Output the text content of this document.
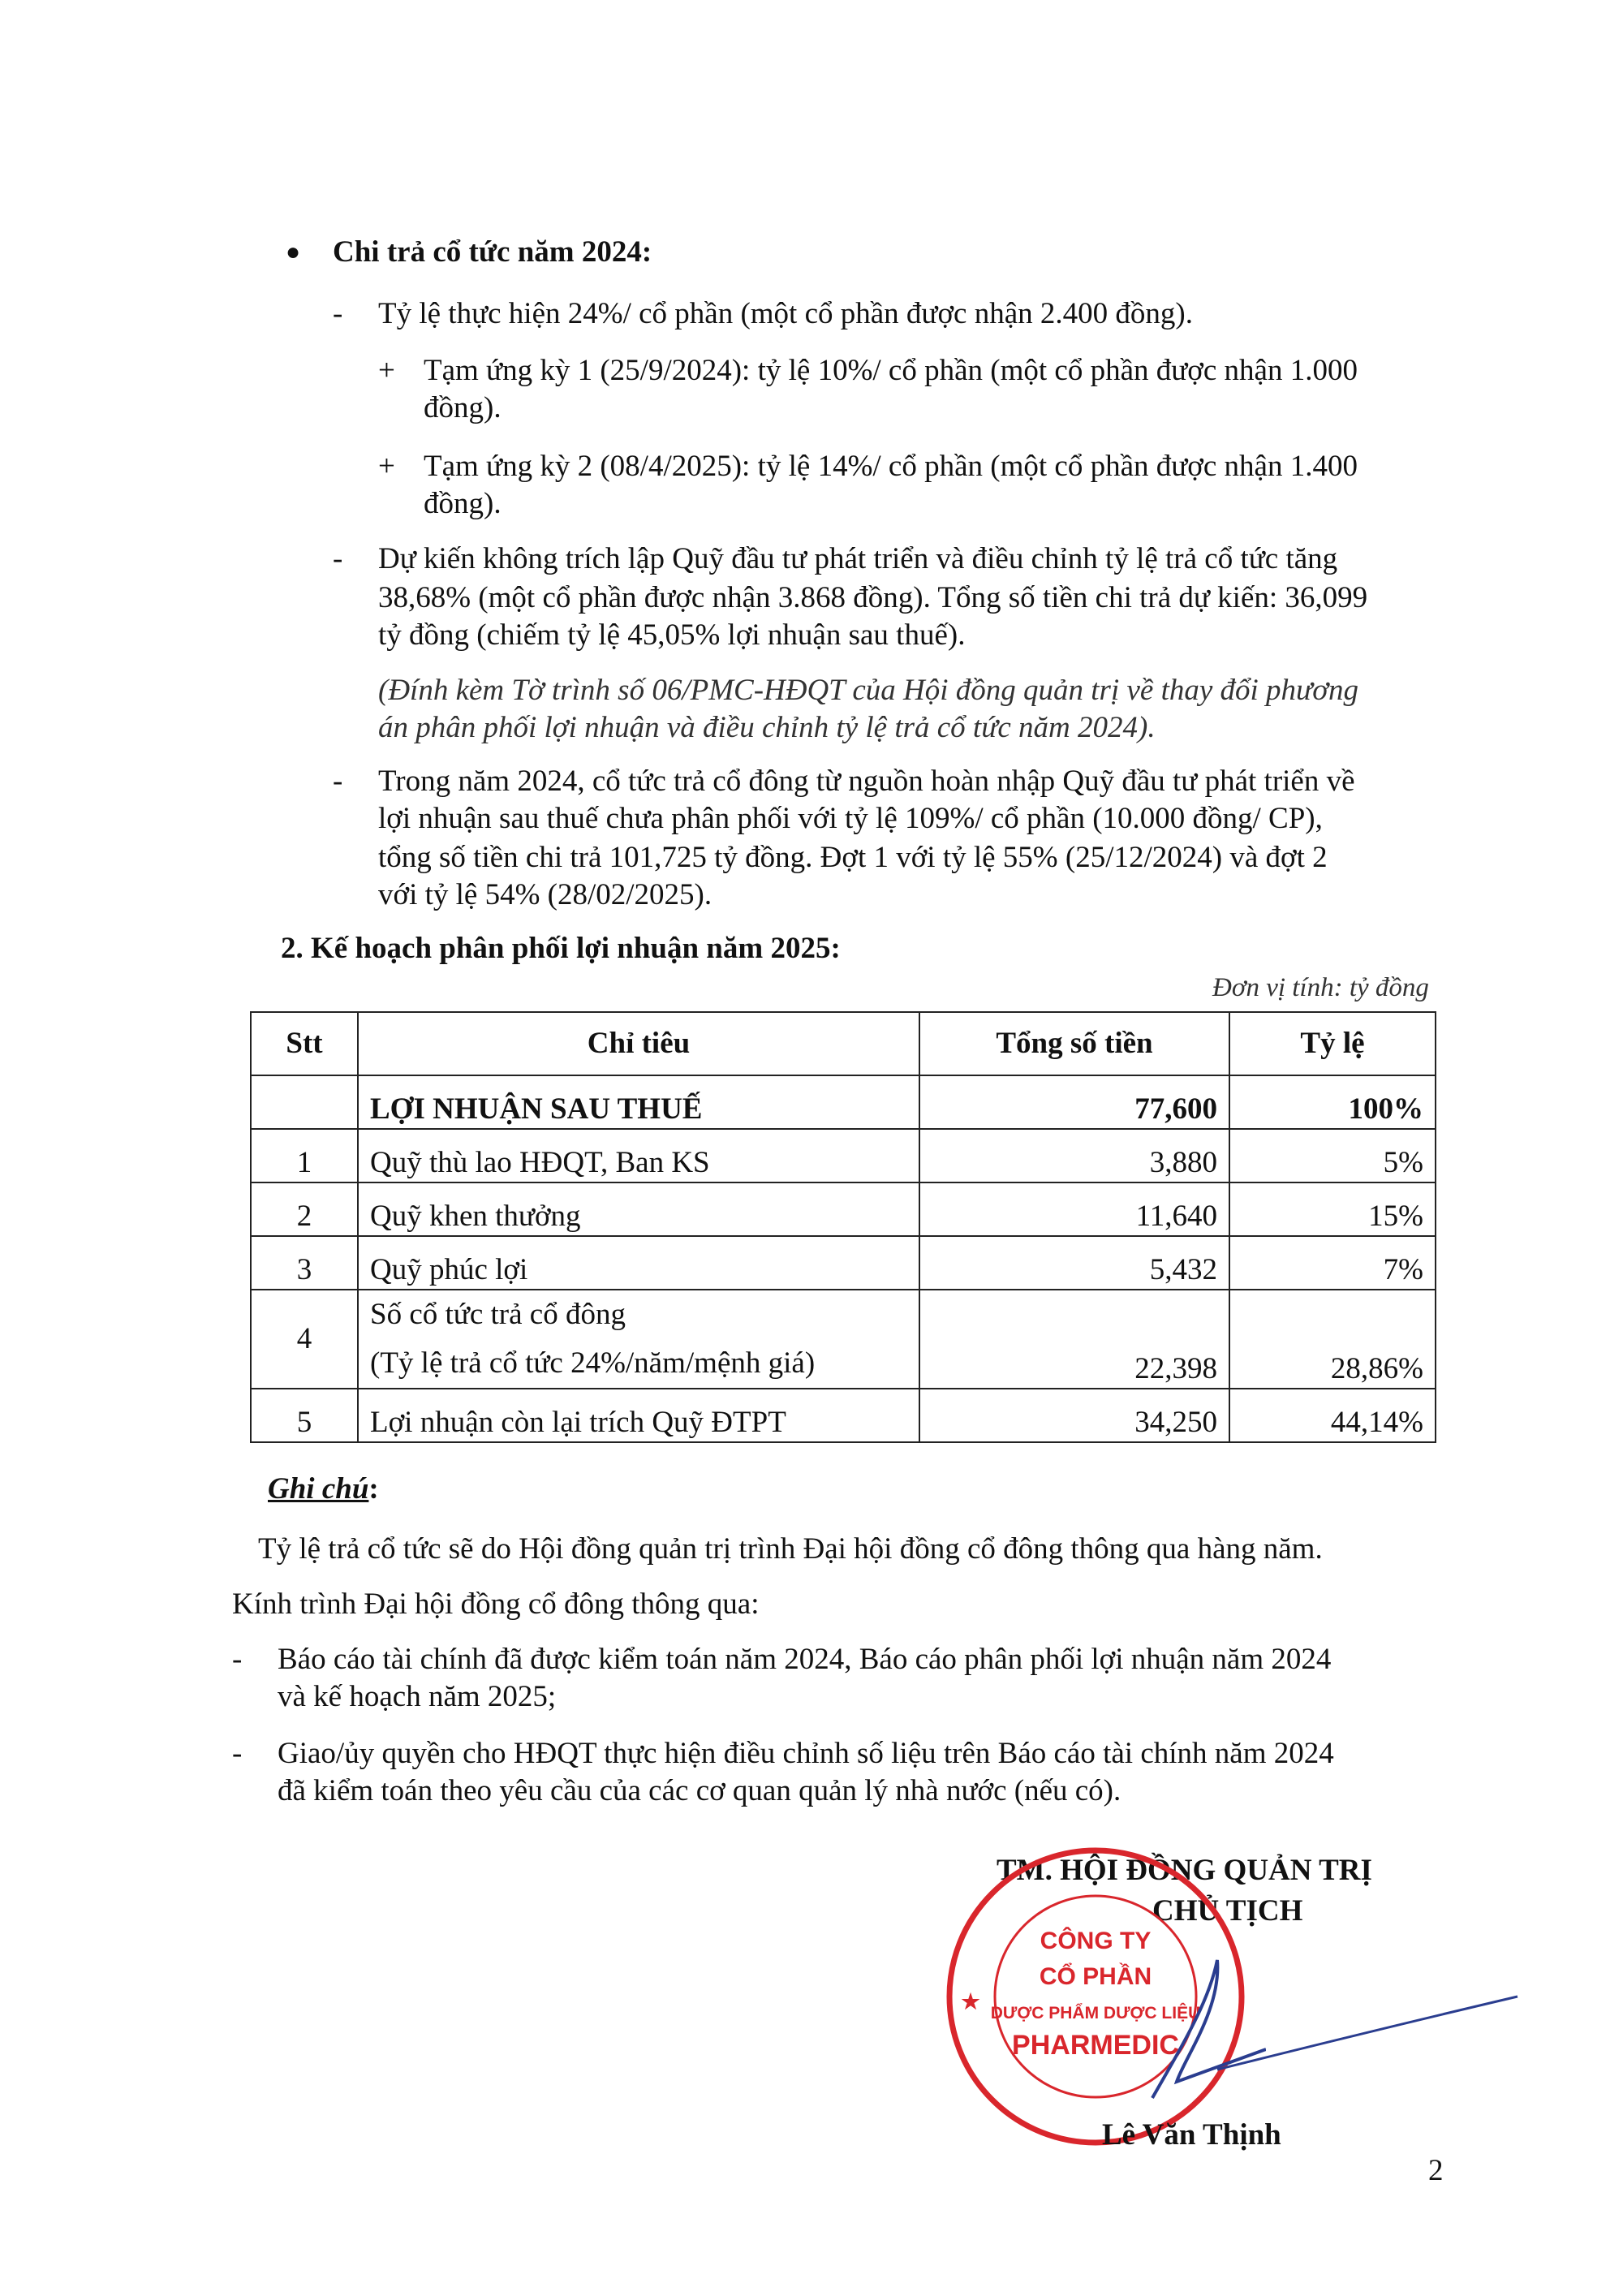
● Chi trả cổ tức năm 2024:
- Tỷ lệ thực hiện 24%/ cổ phần (một cổ phần được nhận 2.400 đồng).
+ Tạm ứng kỳ 1 (25/9/2024): tỷ lệ 10%/ cổ phần (một cổ phần được nhận 1.000
đồng).
+ Tạm ứng kỳ 2 (08/4/2025): tỷ lệ 14%/ cổ phần (một cổ phần được nhận 1.400
đồng).
- Dự kiến không trích lập Quỹ đầu tư phát triển và điều chỉnh tỷ lệ trả cổ tức tăng
38,68% (một cổ phần được nhận 3.868 đồng). Tổng số tiền chi trả dự kiến: 36,099
tỷ đồng (chiếm tỷ lệ 45,05% lợi nhuận sau thuế).
(Đính kèm Tờ trình số 06/PMC-HĐQT của Hội đồng quản trị về thay đổi phương
án phân phối lợi nhuận và điều chỉnh tỷ lệ trả cổ tức năm 2024).
- Trong năm 2024, cổ tức trả cổ đông từ nguồn hoàn nhập Quỹ đầu tư phát triển về
lợi nhuận sau thuế chưa phân phối với tỷ lệ 109%/ cổ phần (10.000 đồng/ CP),
tổng số tiền chi trả 101,725 tỷ đồng. Đợt 1 với tỷ lệ 55% (25/12/2024) và đợt 2
với tỷ lệ 54% (28/02/2025).
2. Kế hoạch phân phối lợi nhuận năm 2025:
Đơn vị tính: tỷ đồng
Stt	Chỉ tiêu	Tổng số tiền	Tỷ lệ
	LỢI NHUẬN SAU THUẾ	77,600	100%
1	Quỹ thù lao HĐQT, Ban KS	3,880	5%
2	Quỹ khen thưởng	11,640	15%
3	Quỹ phúc lợi	5,432	7%
4	Số cổ tức trả cổ đông
(Tỷ lệ trả cổ tức 24%/năm/mệnh giá)	22,398	28,86%
5	Lợi nhuận còn lại trích Quỹ ĐTPT	34,250	44,14%
Ghi chú:
Tỷ lệ trả cổ tức sẽ do Hội đồng quản trị trình Đại hội đồng cổ đông thông qua hàng năm.
Kính trình Đại hội đồng cổ đông thông qua:
- Báo cáo tài chính đã được kiểm toán năm 2024, Báo cáo phân phối lợi nhuận năm 2024
và kế hoạch năm 2025;
- Giao/ủy quyền cho HĐQT thực hiện điều chỉnh số liệu trên Báo cáo tài chính năm 2024
đã kiểm toán theo yêu cầu của các cơ quan quản lý nhà nước (nếu có).
TM. HỘI ĐỒNG QUẢN TRỊ
CHỦ TỊCH
CÔNG TY
CỔ PHẦN
DƯỢC PHẨM DƯỢC LIỆU
PHARMEDIC
★
Lê Văn Thịnh
2
